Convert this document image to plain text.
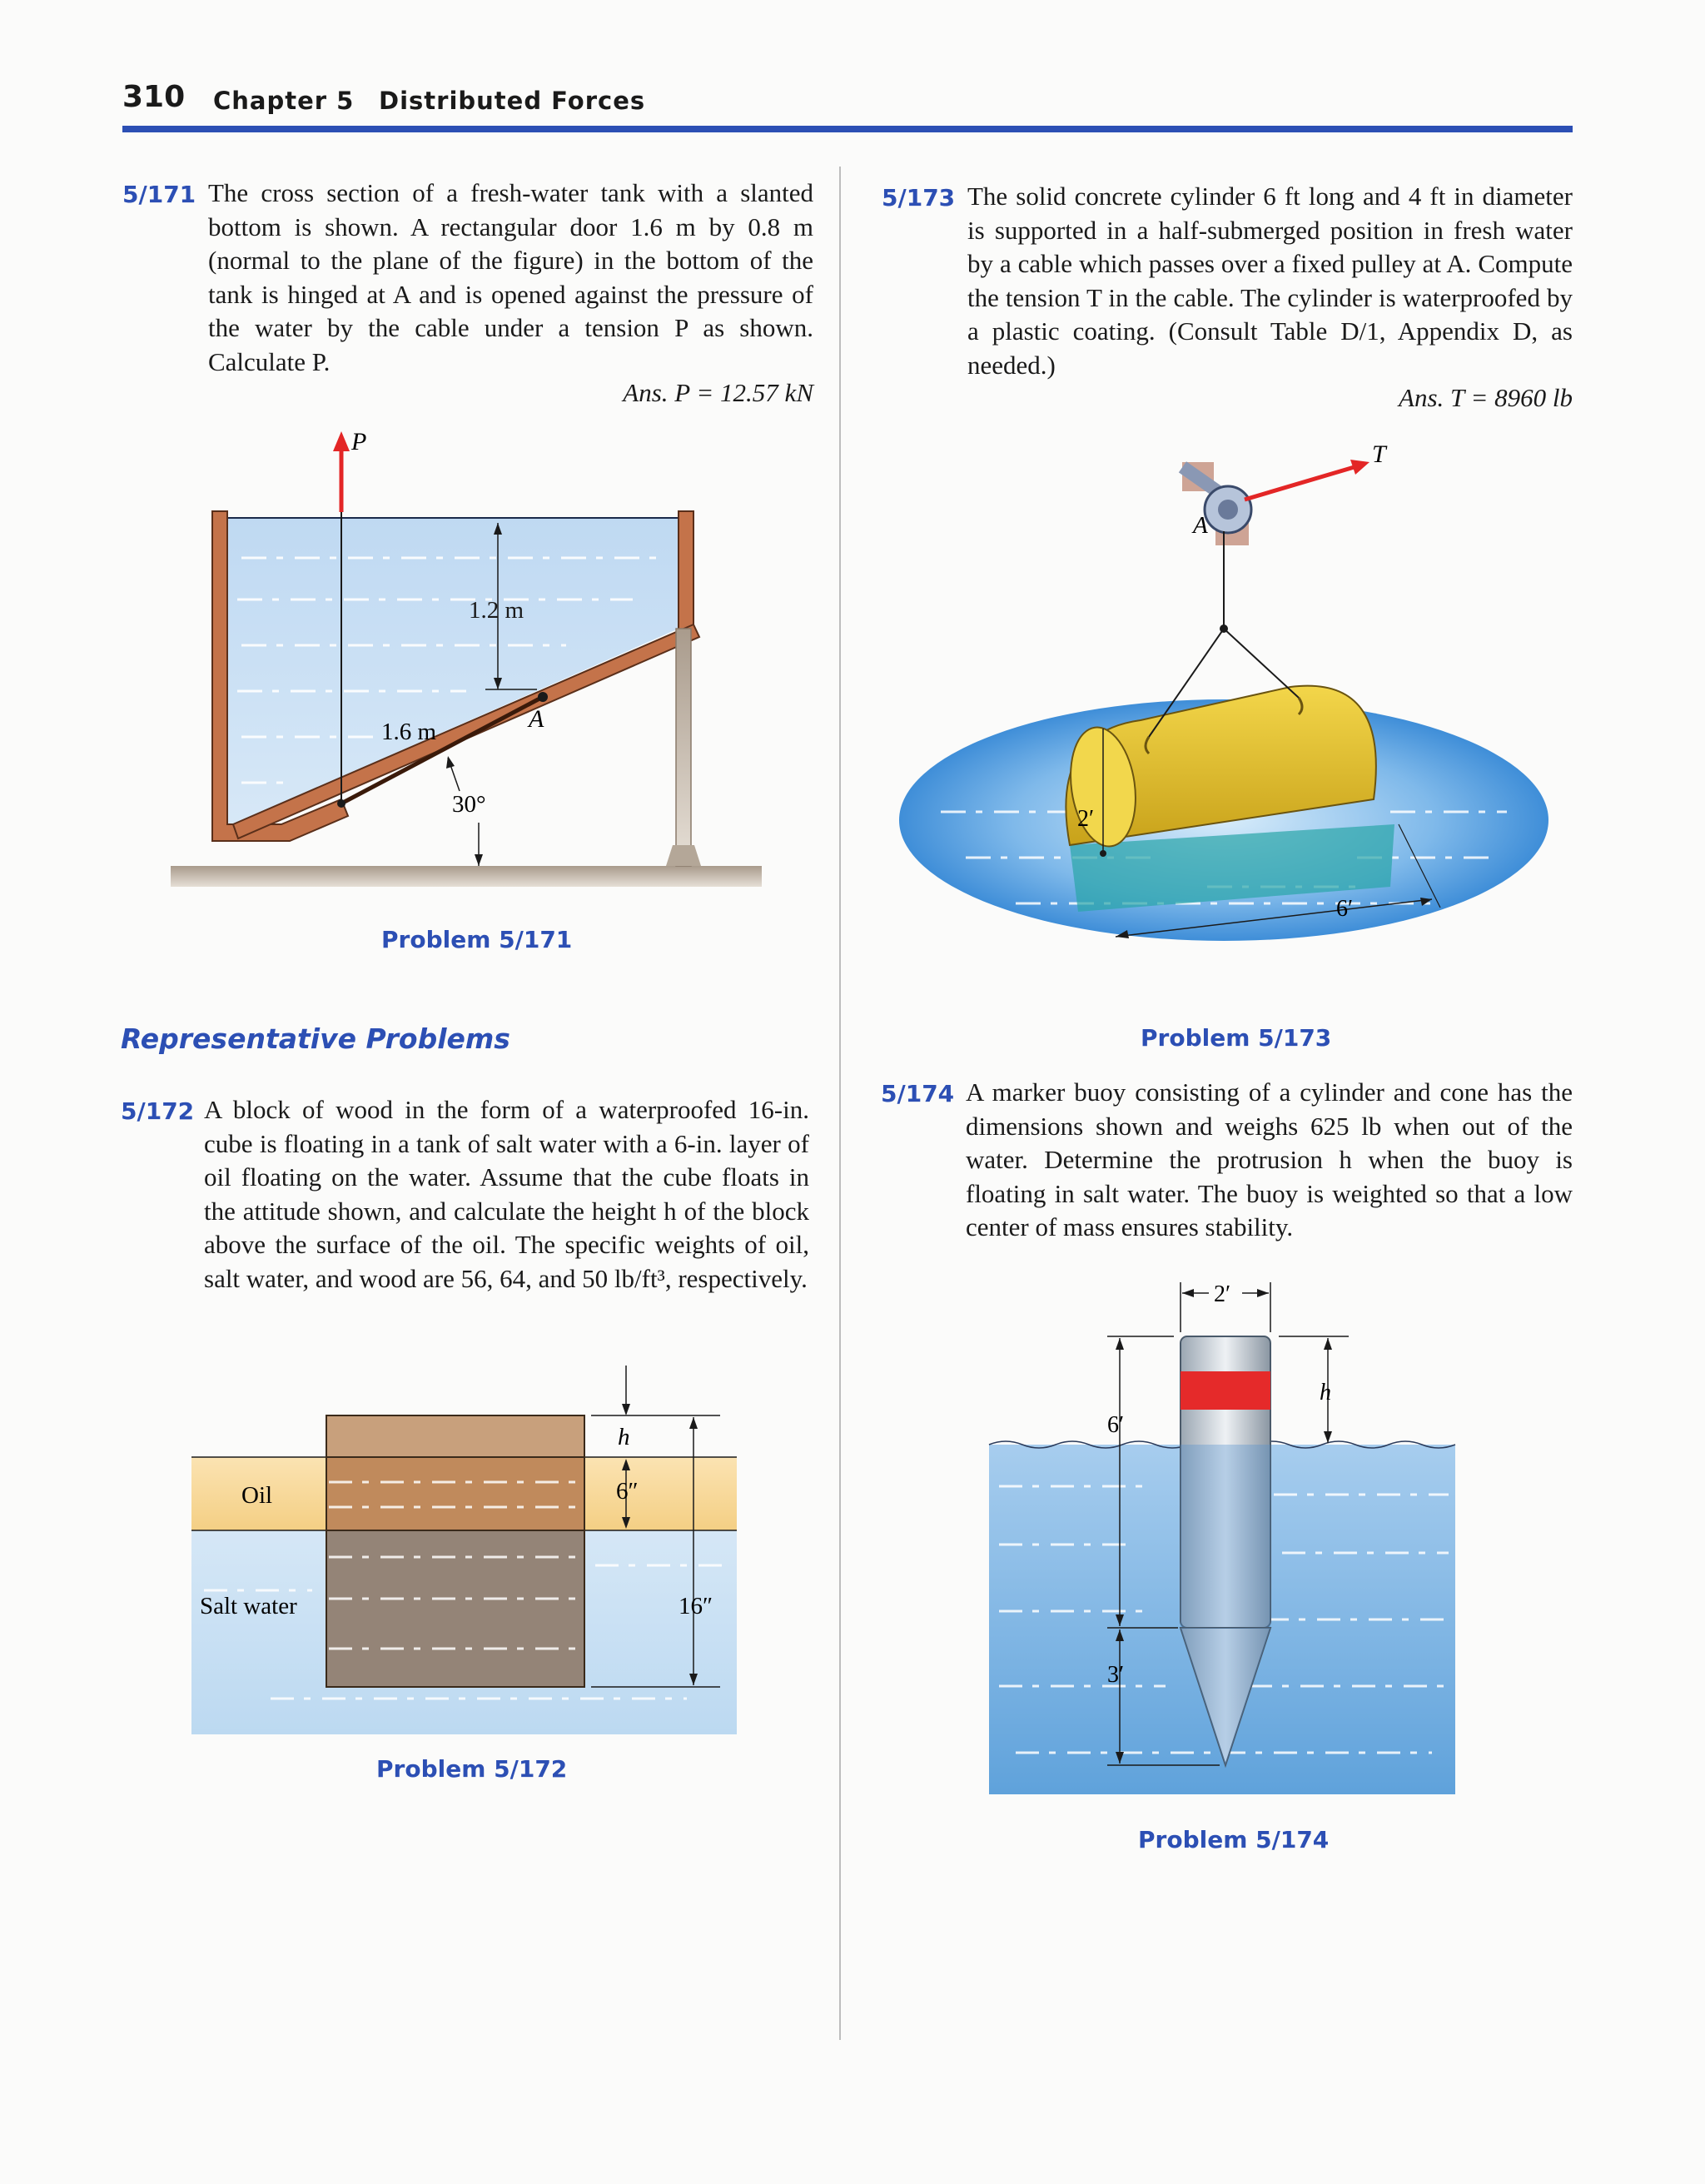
310 Chapter 5 Distributed Forces
5/171 The cross section of a fresh-water tank with a slanted bottom is shown. A rectangular door 1.6 m by 0.8 m (normal to the plane of the figure) in the bottom of the tank is hinged at A and is opened against the pressure of the water by the cable under a tension P as shown. Calculate P.
Ans. P = 12.57 kN
P
1.2 m
1.6 m	A
30°
Problem 5/171
Representative Problems
5/172 A block of wood in the form of a waterproofed 16-in. cube is floating in a tank of salt water with a 6-in. layer of oil floating on the water. Assume that the cube floats in the attitude shown, and calculate the height h of the block above the surface of the oil. The specific weights of oil, salt water, and wood are 56, 64, and 50 lb/ft³, respectively.
Oil
Salt water
h
6″
16″
Problem 5/172
5/173 The solid concrete cylinder 6 ft long and 4 ft in diameter is supported in a half-submerged position in fresh water by a cable which passes over a fixed pulley at A. Compute the tension T in the cable. The cylinder is waterproofed by a plastic coating. (Consult Table D/1, Appendix D, as needed.)
Ans. T = 8960 lb
A
T
2′
6′
Problem 5/173
5/174 A marker buoy consisting of a cylinder and cone has the dimensions shown and weighs 625 lb when out of the water. Determine the protrusion h when the buoy is floating in salt water. The buoy is weighted so that a low center of mass ensures stability.
2′
6′
3′
h
Problem 5/174
